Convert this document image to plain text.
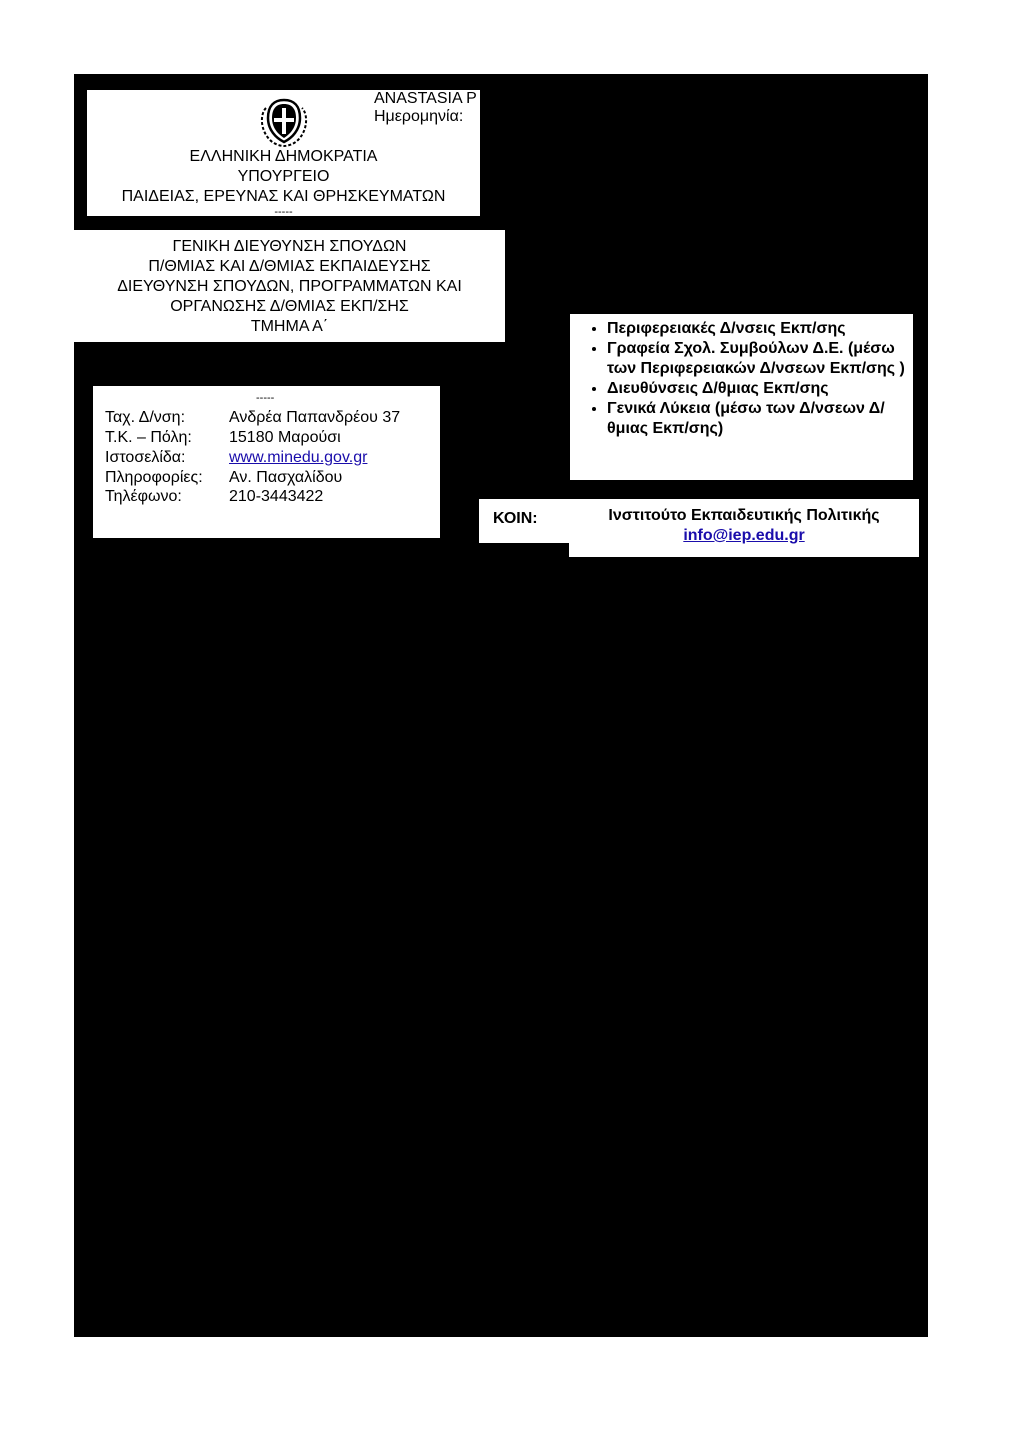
ANASTASIA P
Ημερομηνία:
ΕΛΛΗΝΙΚΗ ΔΗΜΟΚΡΑΤΙΑ
ΥΠΟΥΡΓΕΙΟ
ΠΑΙΔΕΙΑΣ, ΕΡΕΥΝΑΣ ΚΑΙ ΘΡΗΣΚΕΥΜΑΤΩΝ
-----
ΓΕΝΙΚΗ ΔΙΕΥΘΥΝΣΗ ΣΠΟΥΔΩΝ
Π/ΘΜΙΑΣ ΚΑΙ Δ/ΘΜΙΑΣ ΕΚΠΑΙΔΕΥΣΗΣ
ΔΙΕΥΘΥΝΣΗ ΣΠΟΥΔΩΝ, ΠΡΟΓΡΑΜΜΑΤΩΝ ΚΑΙ
ΟΡΓΑΝΩΣΗΣ Δ/ΘΜΙΑΣ ΕΚΠ/ΣΗΣ
ΤΜΗΜΑ Α΄
-----
Ταχ. Δ/νση:	Ανδρέα Παπανδρέου 37
Τ.Κ. – Πόλη: 15180 Μαρούσι
Ιστοσελίδα:	www.minedu.gov.gr
Πληροφορίες: Αν. Πασχαλίδου
Τηλέφωνο:	210-3443422
• Περιφερειακές Δ/νσεις Εκπ/σης
• Γραφεία Σχολ. Συμβούλων Δ.Ε. (μέσω των Περιφερειακών Δ/νσεων Εκπ/σης )
• Διευθύνσεις Δ/θμιας Εκπ/σης
• Γενικά Λύκεια (μέσω των Δ/νσεων Δ/θμιας Εκπ/σης)
ΚΟΙΝ:	Ινστιτούτο Εκπαιδευτικής Πολιτικής
info@iep.edu.gr
